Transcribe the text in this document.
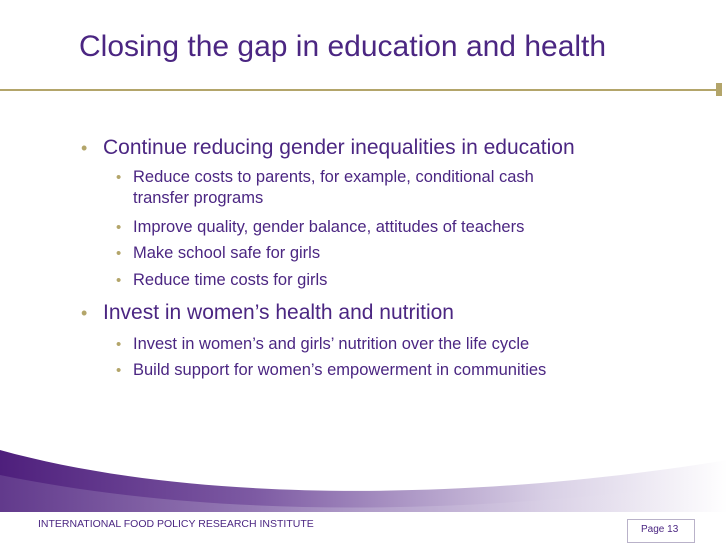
Closing the gap in education and health
• Continue reducing gender inequalities in education
• Reduce costs to parents, for example, conditional cash
transfer programs
• Improve quality, gender balance, attitudes of teachers
• Make school safe for girls
• Reduce time costs for girls
• Invest in women’s health and nutrition
• Invest in women’s and girls’ nutrition over the life cycle
• Build support for women’s empowerment in communities
INTERNATIONAL FOOD POLICY RESEARCH INSTITUTE	Page 13
